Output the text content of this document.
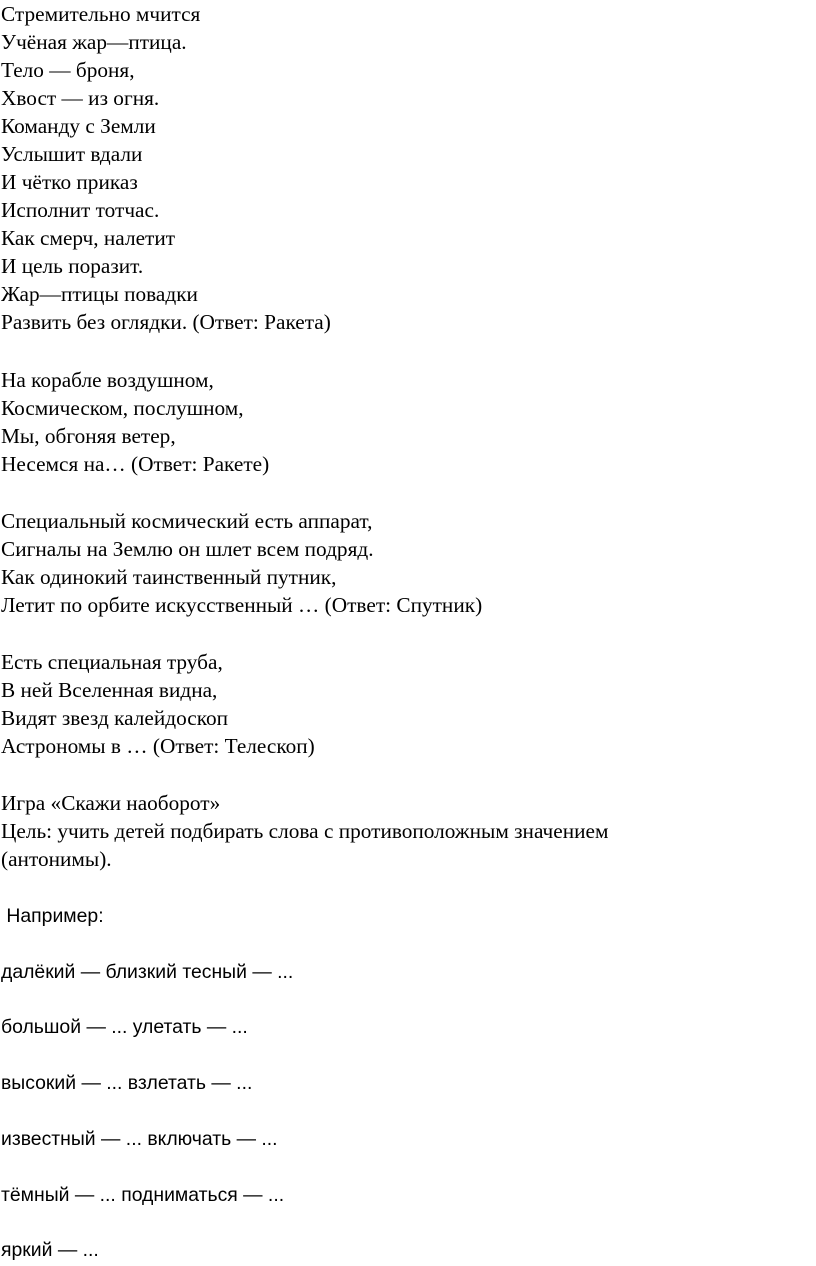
Стремительно мчится
Учёная жар—птица.
Тело — броня,
Хвост — из огня.
Команду с Земли
Услышит вдали
И чётко приказ
Исполнит тотчас.
Как смерч, налетит
И цель поразит.
Жар—птицы повадки
Развить без оглядки. (Ответ: Ракета)
На корабле воздушном,
Космическом, послушном,
Мы, обгоняя ветер,
Несемся на… (Ответ: Ракете)
Специальный космический есть аппарат,
Сигналы на Землю он шлет всем подряд.
Как одинокий таинственный путник,
Летит по орбите искусственный … (Ответ: Спутник)
Есть специальная труба,
В ней Вселенная видна,
Видят звезд калейдоскоп
Астрономы в … (Ответ: Телескоп)
Игра «Скажи наоборот»
Цель: учить детей подбирать слова с противоположным значением
(антонимы).
Например:
далёкий — близкий тесный — ...
большой — ... улетать — ...
высокий — ... взлетать — ...
известный — ... включать — ...
тёмный — ... подниматься — ...
яркий — ...
